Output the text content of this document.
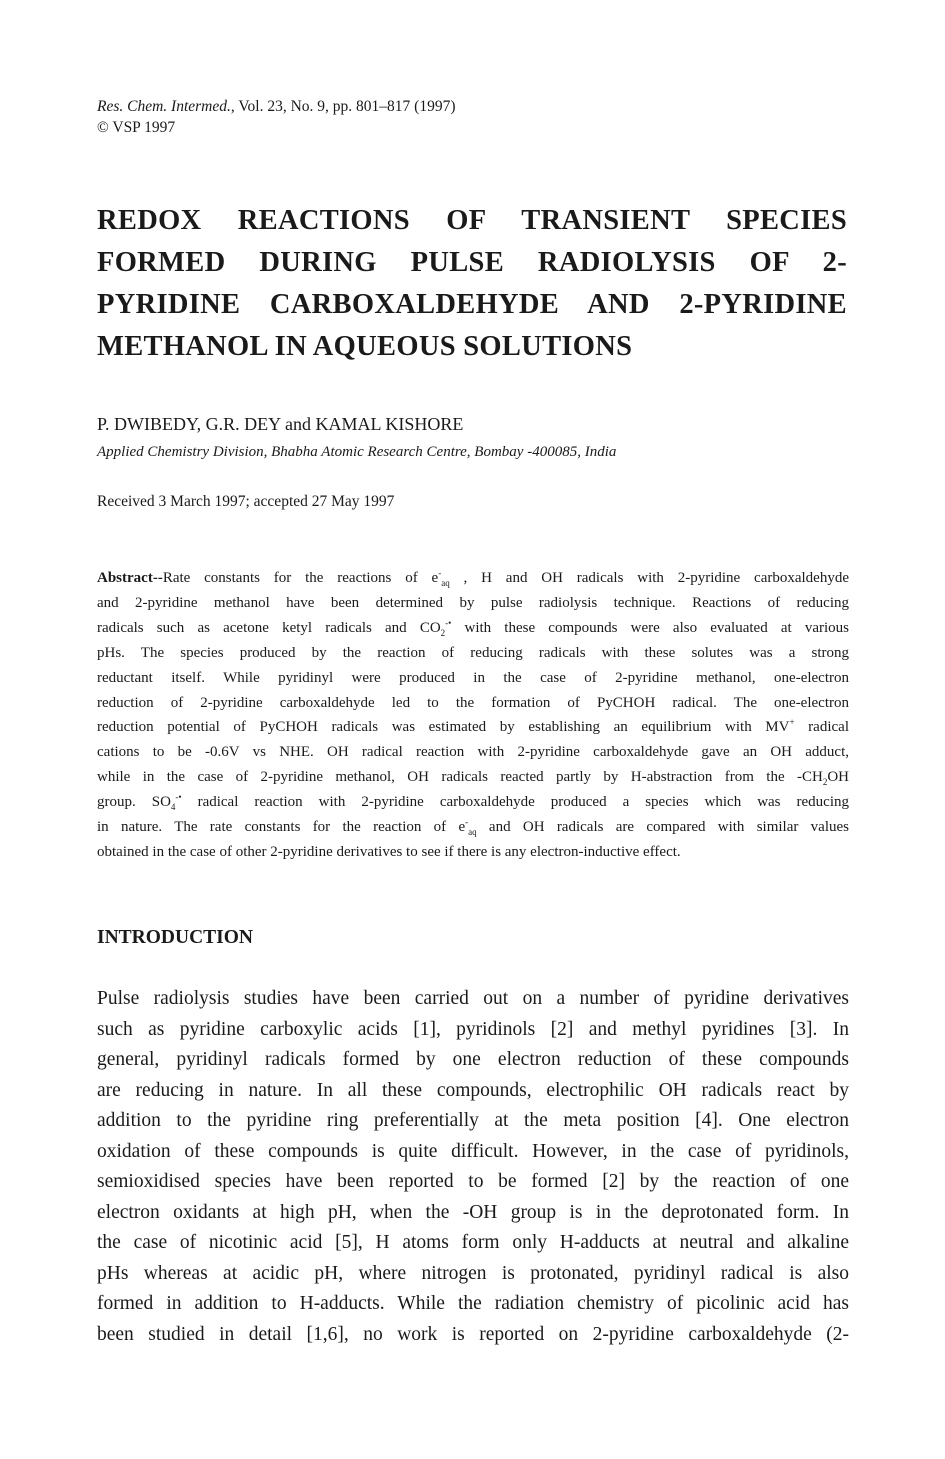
Res. Chem. Intermed., Vol. 23, No. 9, pp. 801–817 (1997)
© VSP 1997
REDOX REACTIONS OF TRANSIENT SPECIES
FORMED DURING PULSE RADIOLYSIS OF 2-
PYRIDINE CARBOXALDEHYDE AND 2-PYRIDINE
METHANOL IN AQUEOUS SOLUTIONS
P. DWIBEDY, G.R. DEY and KAMAL KISHORE
Applied Chemistry Division, Bhabha Atomic Research Centre, Bombay -400085, India
Received 3 March 1997; accepted 27 May 1997
Abstract--Rate constants for the reactions of $e^-_{aq}$ , H and OH radicals with 2-pyridine carboxaldehyde
and 2-pyridine methanol have been determined by pulse radiolysis technique. Reactions of reducing
radicals such as acetone ketyl radicals and $CO_2^{-•}$ with these compounds were also evaluated at various
pHs. The species produced by the reaction of reducing radicals with these solutes was a strong
reductant itself. While pyridinyl were produced in the case of 2-pyridine methanol, one-electron
reduction of 2-pyridine carboxaldehyde led to the formation of PyCHOH radical. The one-electron
reduction potential of PyCHOH radicals was estimated by establishing an equilibrium with MV+ radical
cations to be -0.6V vs NHE. OH radical reaction with 2-pyridine carboxaldehyde gave an OH adduct,
while in the case of 2-pyridine methanol, OH radicals reacted partly by H-abstraction from the $-CH_2OH$
group. $SO_4^{-•}$ radical reaction with 2-pyridine carboxaldehyde produced a species which was reducing
in nature. The rate constants for the reaction of $e^-_{aq}$ and OH radicals are compared with similar values
obtained in the case of other 2-pyridine derivatives to see if there is any electron-inductive effect.
INTRODUCTION
Pulse radiolysis studies have been carried out on a number of pyridine derivatives
such as pyridine carboxylic acids [1], pyridinols [2] and methyl pyridines [3]. In
general, pyridinyl radicals formed by one electron reduction of these compounds
are reducing in nature. In all these compounds, electrophilic OH radicals react by
addition to the pyridine ring preferentially at the meta position [4]. One electron
oxidation of these compounds is quite difficult. However, in the case of pyridinols,
semioxidised species have been reported to be formed [2] by the reaction of one
electron oxidants at high pH, when the -OH group is in the deprotonated form. In
the case of nicotinic acid [5], H atoms form only H-adducts at neutral and alkaline
pHs whereas at acidic pH, where nitrogen is protonated, pyridinyl radical is also
formed in addition to H-adducts. While the radiation chemistry of picolinic acid has
been studied in detail [1,6], no work is reported on 2-pyridine carboxaldehyde (2-
